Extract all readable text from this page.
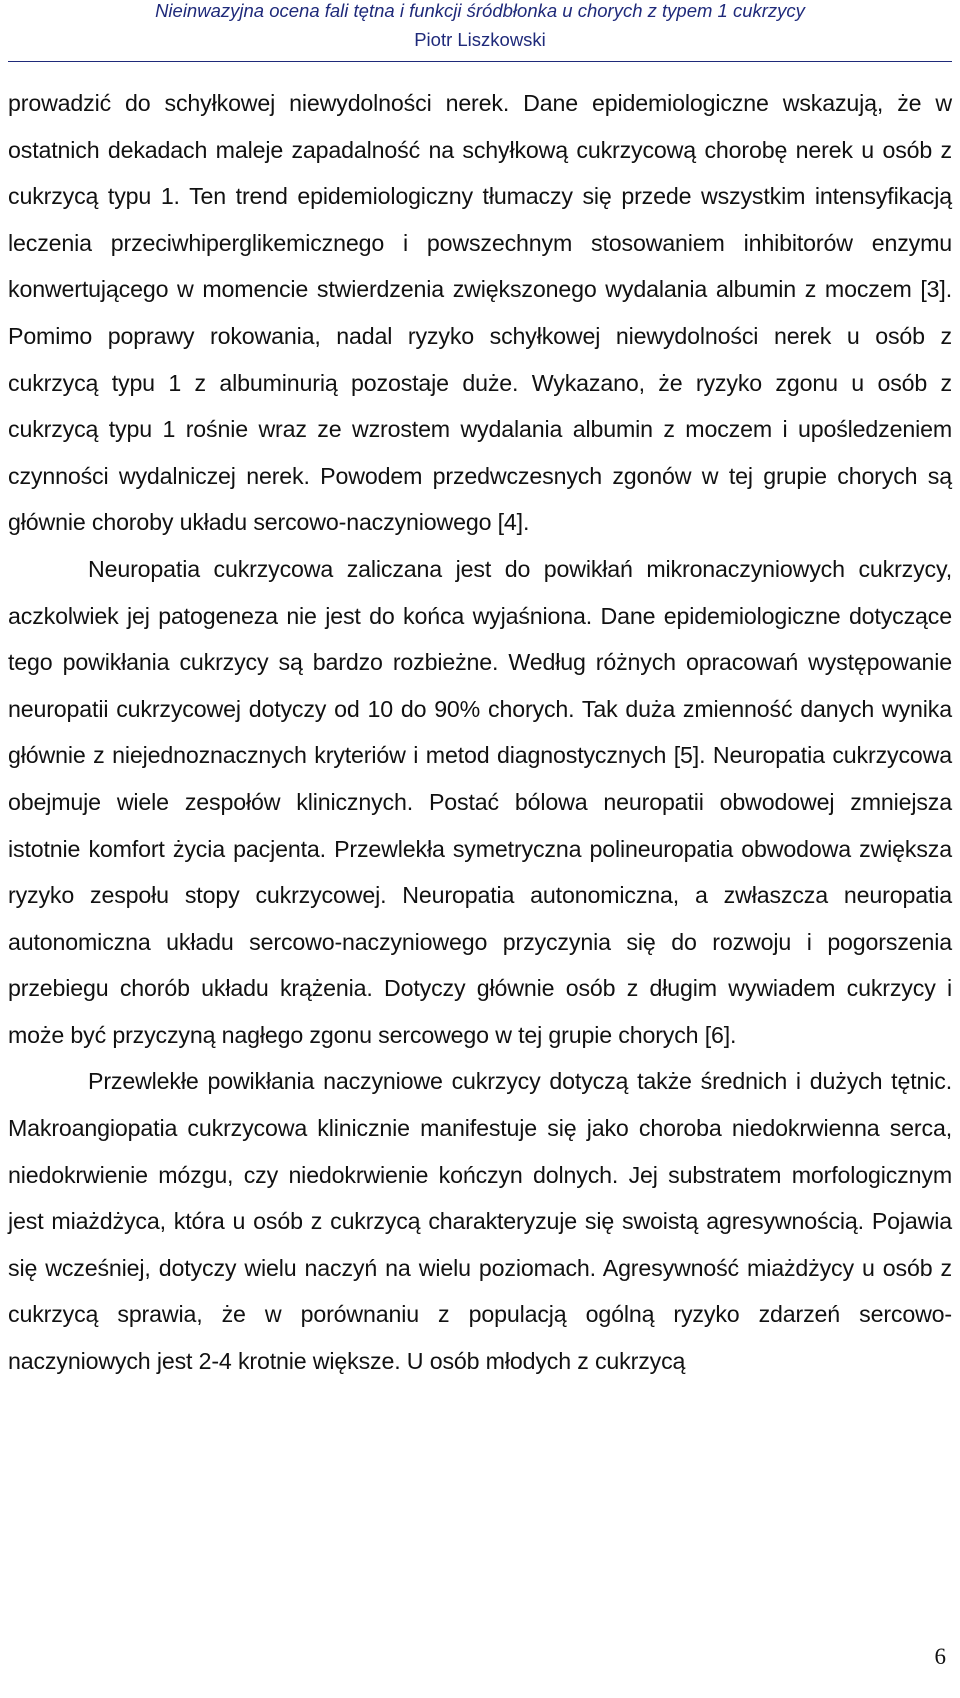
Nieinwazyjna ocena fali tętna i funkcji śródbłonka u chorych z typem 1 cukrzycy
Piotr Liszkowski

prowadzić do schyłkowej niewydolności nerek. Dane epidemiologiczne wskazują, że w ostatnich dekadach maleje zapadalność na schyłkową cukrzycową chorobę nerek u osób z cukrzycą typu 1. Ten trend epidemiologiczny tłumaczy się przede wszystkim intensyfikacją leczenia przeciwhiperglikemicznego i powszechnym stosowaniem inhibitorów enzymu konwertującego w momencie stwierdzenia zwiększonego wydalania albumin z moczem [3]. Pomimo poprawy rokowania, nadal ryzyko schyłkowej niewydolności nerek u osób z cukrzycą typu 1 z albuminurią pozostaje duże. Wykazano, że ryzyko zgonu u osób z cukrzycą typu 1 rośnie wraz ze wzrostem wydalania albumin z moczem i upośledzeniem czynności wydalniczej nerek. Powodem przedwczesnych zgonów w tej grupie chorych są głównie choroby układu sercowo-naczyniowego [4].

Neuropatia cukrzycowa zaliczana jest do powikłań mikronaczyniowych cukrzycy, aczkolwiek jej patogeneza nie jest do końca wyjaśniona. Dane epidemiologiczne dotyczące tego powikłania cukrzycy są bardzo rozbieżne. Według różnych opracowań występowanie neuropatii cukrzycowej dotyczy od 10 do 90% chorych. Tak duża zmienność danych wynika głównie z niejednoznacznych kryteriów i metod diagnostycznych [5]. Neuropatia cukrzycowa obejmuje wiele zespołów klinicznych. Postać bólowa neuropatii obwodowej zmniejsza istotnie komfort życia pacjenta. Przewlekła symetryczna polineuropatia obwodowa zwiększa ryzyko zespołu stopy cukrzycowej. Neuropatia autonomiczna, a zwłaszcza neuropatia autonomiczna układu sercowo-naczyniowego przyczynia się do rozwoju i pogorszenia przebiegu chorób układu krążenia. Dotyczy głównie osób z długim wywiadem cukrzycy i może być przyczyną nagłego zgonu sercowego w tej grupie chorych [6].

Przewlekłe powikłania naczyniowe cukrzycy dotyczą także średnich i dużych tętnic. Makroangiopatia cukrzycowa klinicznie manifestuje się jako choroba niedokrwienna serca, niedokrwienie mózgu, czy niedokrwienie kończyn dolnych. Jej substratem morfologicznym jest miażdżyca, która u osób z cukrzycą charakteryzuje się swoistą agresywnością. Pojawia się wcześniej, dotyczy wielu naczyń na wielu poziomach. Agresywność miażdżycy u osób z cukrzycą sprawia, że w porównaniu z populacją ogólną ryzyko zdarzeń sercowo-naczyniowych jest 2-4 krotnie większe. U osób młodych z cukrzycą

6
